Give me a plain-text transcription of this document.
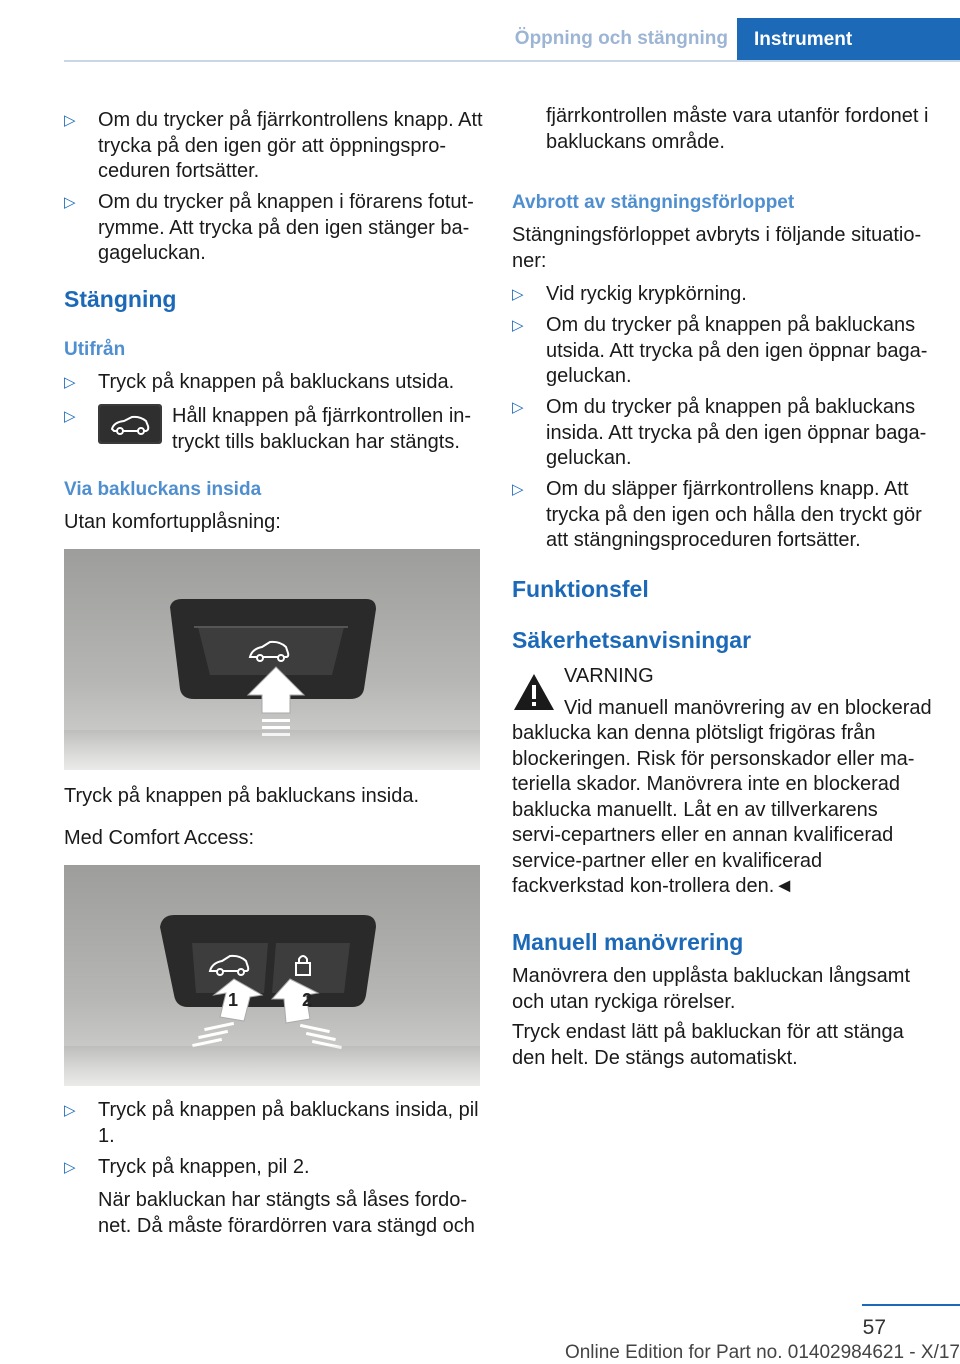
Öppning och stängning	Instrument
▷	Om du trycker på fjärrkontrollens knapp. Att trycka på den igen gör att öppningspro‐ceduren fortsätter.
▷	Om du trycker på knappen i förarens fotut‐rymme. Att trycka på den igen stänger ba‐gageluckan.
Stängning
Utifrån
▷	Tryck på knappen på bakluckans utsida.
▷	Håll knappen på fjärrkontrollen in‐tryckt tills bakluckan har stängts.
Via bakluckans insida
Utan komfortupplåsning:
Tryck på knappen på bakluckans insida.
Med Comfort Access:
1	2
▷	Tryck på knappen på bakluckans insida, pil 1.
▷	Tryck på knappen, pil 2.
När bakluckan har stängts så låses fordo‐net. Då måste förardörren vara stängd och
fjärrkontrollen måste vara utanför fordonet i bakluckans område.
Avbrott av stängningsförloppet
Stängningsförloppet avbryts i följande situatio‐ner:
▷	Vid ryckig krypkörning.
▷	Om du trycker på knappen på bakluckans utsida. Att trycka på den igen öppnar baga‐geluckan.
▷	Om du trycker på knappen på bakluckans insida. Att trycka på den igen öppnar baga‐geluckan.
▷	Om du släpper fjärrkontrollens knapp. Att trycka på den igen och hålla den tryckt gör att stängningsproceduren fortsätter.
Funktionsfel
Säkerhetsanvisningar
VARNING
Vid manuell manövrering av en blockerad
baklucka kan denna plötsligt frigöras från blockeringen. Risk för personskador eller ma‐teriella skador. Manövrera inte en blockerad baklucka manuellt. Låt en av tillverkarens servi‐cepartners eller en annan kvalificerad service‐partner eller en kvalificerad fackverkstad kon‐trollera den.◄
Manuell manövrering
Manövrera den upplåsta bakluckan långsamt och utan ryckiga rörelser.
Tryck endast lätt på bakluckan för att stänga den helt. De stängs automatiskt.
57
Online Edition for Part no. 01402984621 - X/17
